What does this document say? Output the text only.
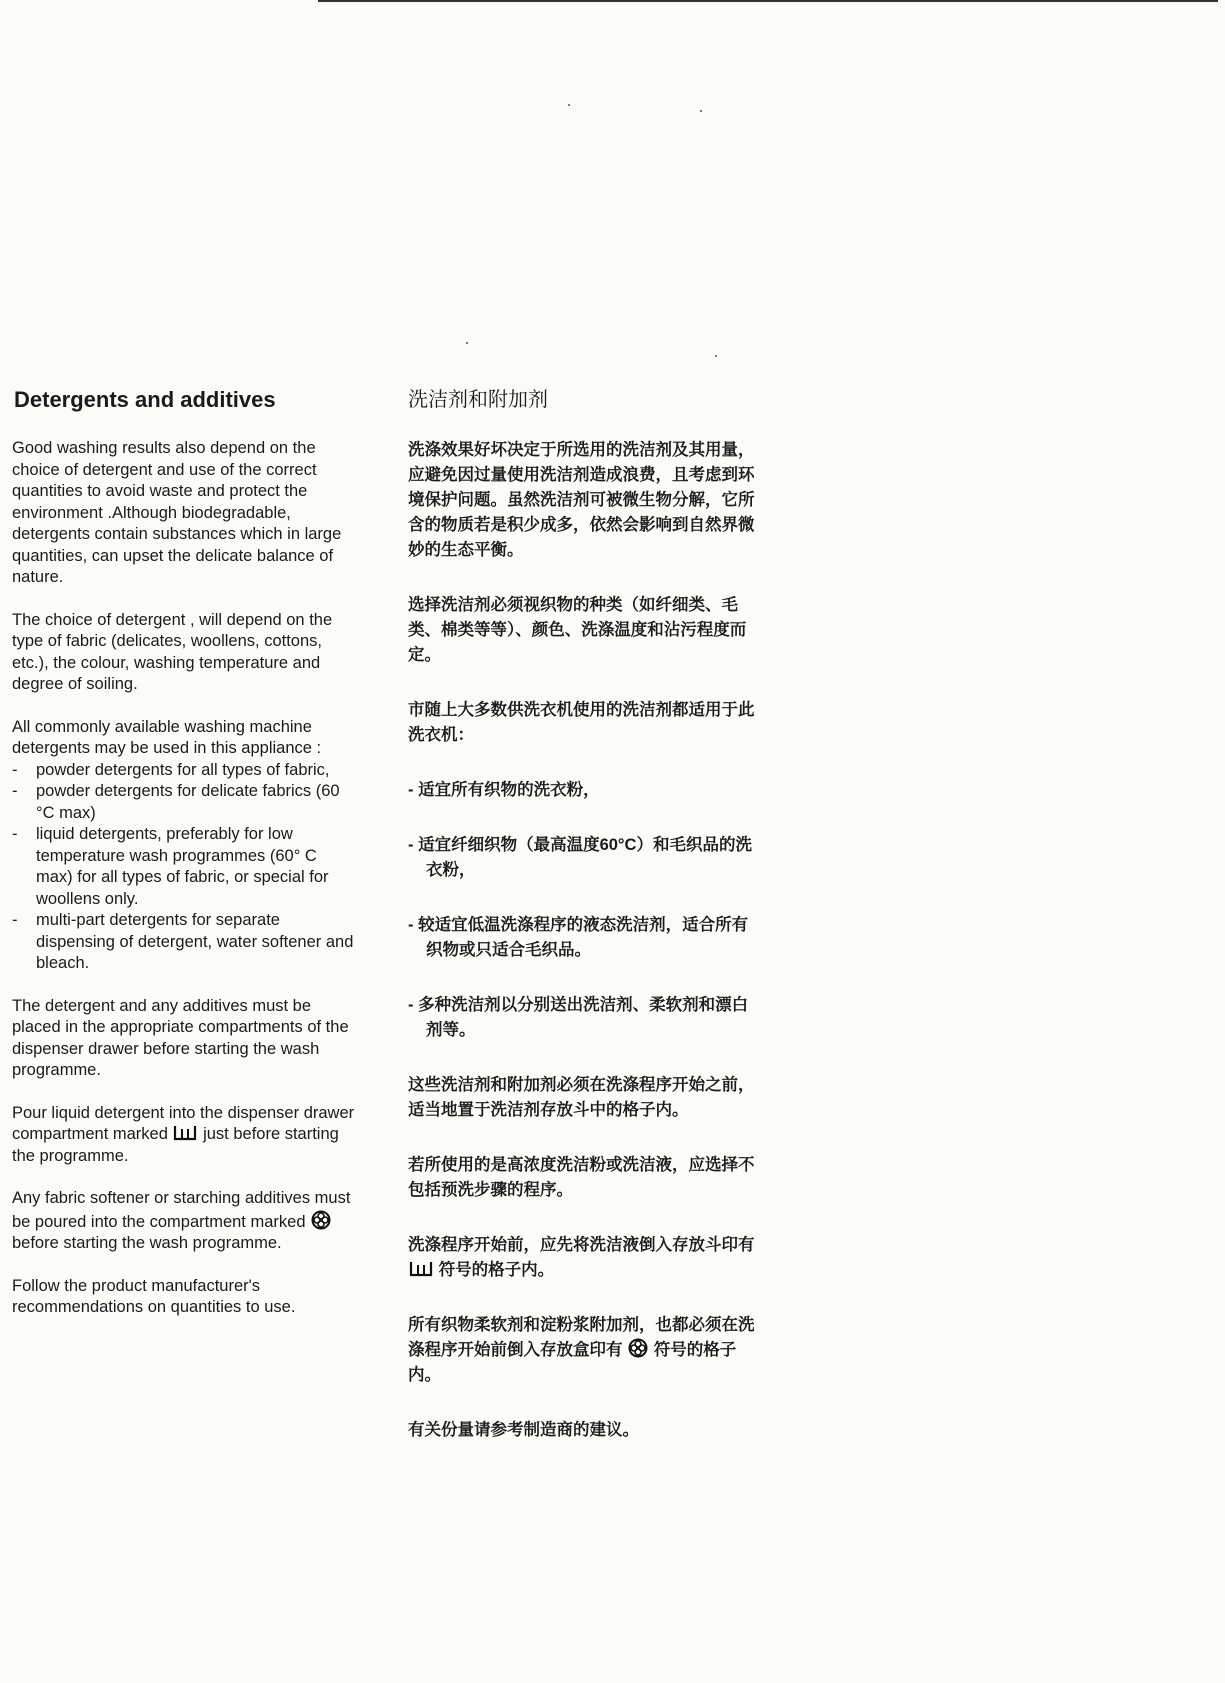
Detergents and additives

Good washing results also depend on the choice of detergent and use of the correct quantities to avoid waste and protect the environment .Although biodegradable, detergents contain substances which in large quantities, can upset the delicate balance of nature.

The choice of detergent , will depend on the type of fabric (delicates, woollens, cottons, etc.), the colour, washing temperature and degree of soiling.

All commonly available washing machine detergents may be used in this appliance :

- powder detergents for all types of fabric,
- powder detergents for delicate fabrics (60 °C max)
- liquid detergents, preferably for low temperature wash programmes (60° C max) for all types of fabric, or special for woollens only.
- multi-part detergents for separate dispensing of detergent, water softener and bleach.

The detergent and any additives must be placed in the appropriate compartments of the dispenser drawer before starting the wash programme.

Pour liquid detergent into the dispenser drawer compartment marked just before starting the programme.

Any fabric softener or starching additives must be poured into the compartment marked
before starting the wash programme.

Follow the product manufacturer's recommendations on quantities to use.

洗洁剂和附加剂

洗涤效果好坏决定于所选用的洗洁剂及其用量，应避免因过量使用洗洁剂造成浪费，且考虑到环境保护问题。虽然洗洁剂可被微生物分解，它所含的物质若是积少成多，依然会影响到自然界微妙的生态平衡。

选择洗洁剂必须视织物的种类（如纤细类、毛类、棉类等等）、颜色、洗涤温度和沾污程度而定。

市随上大多数供洗衣机使用的洗洁剂都适用于此洗衣机：

- 适宜所有织物的洗衣粉，

- 适宜纤细织物（最高温度60°C）和毛织品的洗衣粉，

- 较适宜低温洗涤程序的液态洗洁剂，适合所有织物或只适合毛织品。

- 多种洗洁剂以分别送出洗洁剂、柔软剂和漂白剂等。

这些洗洁剂和附加剂必须在洗涤程序开始之前，适当地置于洗洁剂存放斗中的格子内。

若所使用的是高浓度洗洁粉或洗洁液，应选择不包括预洗步骤的程序。

洗涤程序开始前，应先将洗洁液倒入存放斗印有
符号的格子内。

所有织物柔软剂和淀粉浆附加剂，也都必须在洗涤程序开始前倒入存放盒印有 符号的格子内。

有关份量请参考制造商的建议。
